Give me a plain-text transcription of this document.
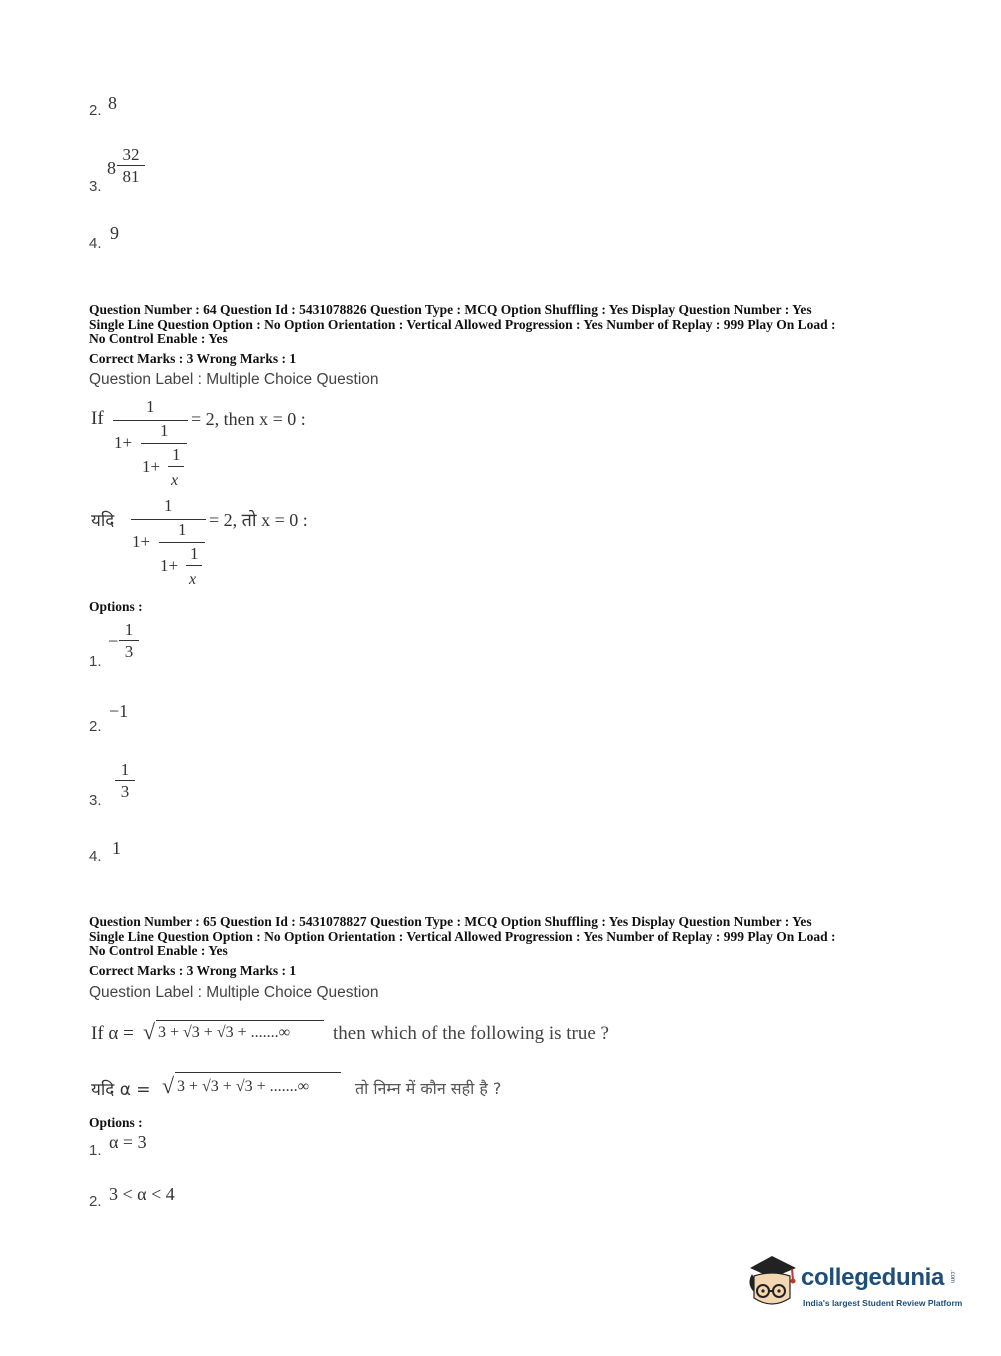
2. 8
3.
$8 \frac{32}{81}$
4.
9
Question Number : 64 Question Id : 5431078826 Question Type : MCQ Option Shuffling : Yes Display Question Number : Yes
Single Line Question Option : No Option Orientation : Vertical Allowed Progression : Yes Number of Replay : 999 Play On Load :
No Control Enable : Yes
Correct Marks : 3 Wrong Marks : 1
Question Label : Multiple Choice Question
If
1
1+
1
1+
1
x
= 2, then x = 0 :
यदि
1
1+
1
1+
1
x
= 2, तो x = 0 :
Options :
1.
− $\frac{1}{3}$
2.
−1
3. $\frac{1}{3}$
4. 1
Question Number : 65 Question Id : 5431078827 Question Type : MCQ Option Shuffling : Yes Display Question Number : Yes
Single Line Question Option : No Option Orientation : Vertical Allowed Progression : Yes Number of Replay : 999 Play On Load :
No Control Enable : Yes
Correct Marks : 3 Wrong Marks : 1
Question Label : Multiple Choice Question
If α = √ 3 + √3 + √3 + .......∞ then which of the following is true ?
यदि α = √ 3 + √3 + √3 + .......∞	तो निम्न में कौन सही है ?
Options :
1. α = 3
2. 3 < α < 4
collegedunia .com
India's largest Student Review Platform
